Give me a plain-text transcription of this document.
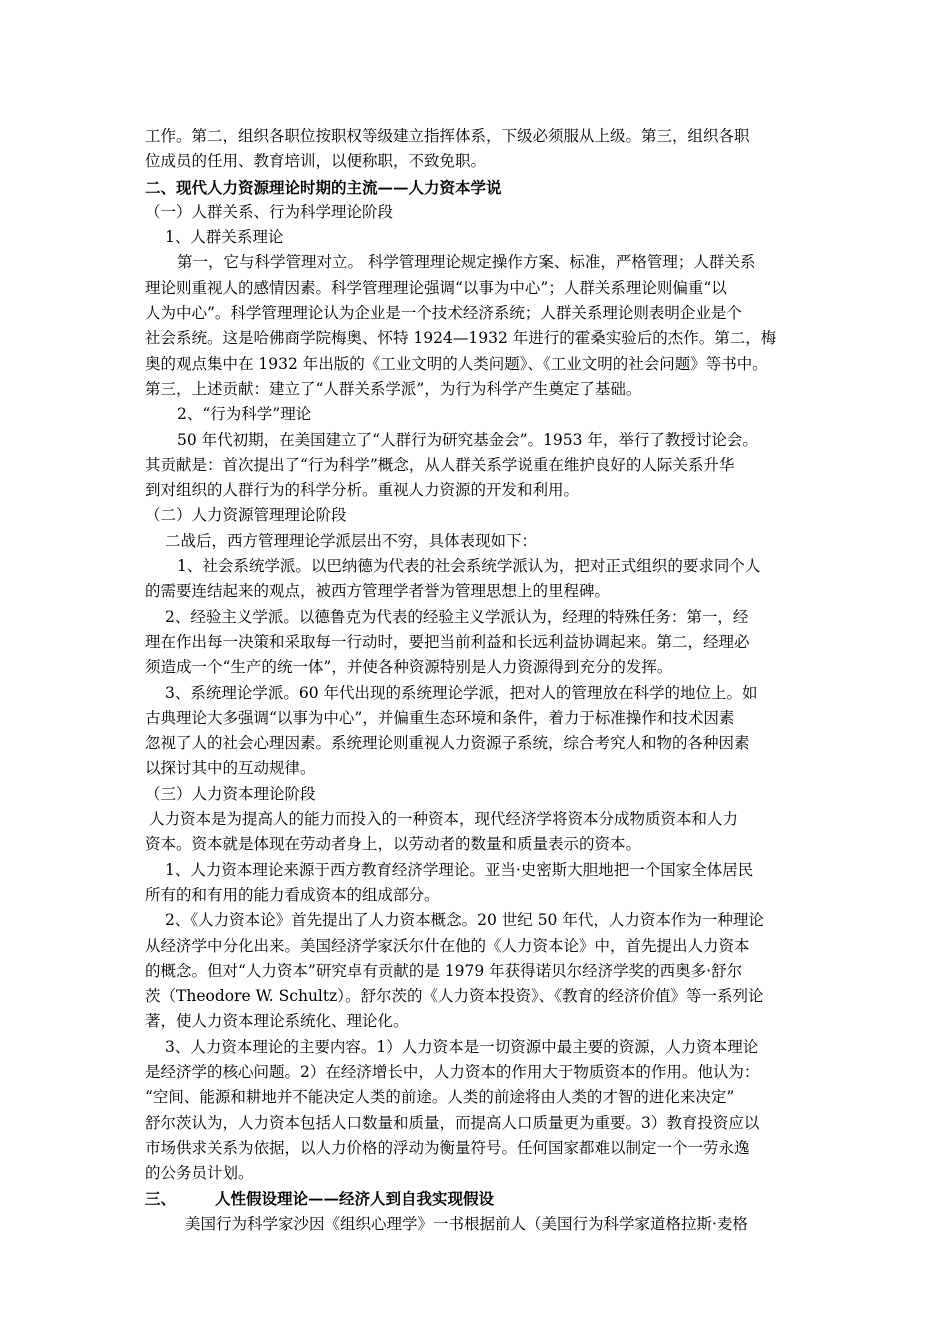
工作。第二，组织各职位按职权等级建立指挥体系，下级必须服从上级。第三，组织各职
位成员的任用、教育培训，以便称职，不致免职。
二、现代人力资源理论时期的主流——人力资本学说
（一）人群关系、行为科学理论阶段
1、人群关系理论
第一，它与科学管理对立。 科学管理理论规定操作方案、标准，严格管理；人群关系
理论则重视人的感情因素。科学管理理论强调“以事为中心”；人群关系理论则偏重“以
人为中心”。科学管理理论认为企业是一个技术经济系统；人群关系理论则表明企业是个
社会系统。这是哈佛商学院梅奥、怀特 1924—1932 年进行的霍桑实验后的杰作。第二，梅
奥的观点集中在 1932 年出版的《工业文明的人类问题》、《工业文明的社会问题》等书中。
第三，上述贡献：建立了“人群关系学派”，为行为科学产生奠定了基础。
2、“行为科学”理论
50 年代初期，在美国建立了“人群行为研究基金会”。1953 年，举行了教授讨论会。
其贡献是：首次提出了“行为科学”概念，从人群关系学说重在维护良好的人际关系升华
到对组织的人群行为的科学分析。重视人力资源的开发和利用。
（二）人力资源管理理论阶段
二战后，西方管理理论学派层出不穷，具体表现如下：
1、社会系统学派。以巴纳德为代表的社会系统学派认为，把对正式组织的要求同个人
的需要连结起来的观点，被西方管理学者誉为管理思想上的里程碑。
2、经验主义学派。以德鲁克为代表的经验主义学派认为，经理的特殊任务：第一，经
理在作出每一决策和采取每一行动时，要把当前利益和长远利益协调起来。第二，经理必
须造成一个“生产的统一体”，并使各种资源特别是人力资源得到充分的发挥。
3、系统理论学派。60 年代出现的系统理论学派，把对人的管理放在科学的地位上。如
古典理论大多强调“以事为中心”，并偏重生态环境和条件，着力于标准操作和技术因素
忽视了人的社会心理因素。系统理论则重视人力资源子系统，综合考究人和物的各种因素
以探讨其中的互动规律。
（三）人力资本理论阶段
人力资本是为提高人的能力而投入的一种资本，现代经济学将资本分成物质资本和人力
资本。资本就是体现在劳动者身上，以劳动者的数量和质量表示的资本。
1、人力资本理论来源于西方教育经济学理论。亚当·史密斯大胆地把一个国家全体居民
所有的和有用的能力看成资本的组成部分。
2、《人力资本论》首先提出了人力资本概念。20 世纪 50 年代，人力资本作为一种理论
从经济学中分化出来。美国经济学家沃尔什在他的《人力资本论》中，首先提出人力资本
的概念。但对“人力资本”研究卓有贡献的是 1979 年获得诺贝尔经济学奖的西奥多·舒尔
茨（Theodore W. Schultz）。舒尔茨的《人力资本投资》、《教育的经济价值》等一系列论
著，使人力资本理论系统化、理论化。
3、人力资本理论的主要内容。1）人力资本是一切资源中最主要的资源，人力资本理论
是经济学的核心问题。2）在经济增长中，人力资本的作用大于物质资本的作用。他认为：
“空间、能源和耕地并不能决定人类的前途。人类的前途将由人类的才智的进化来决定”
舒尔茨认为，人力资本包括人口数量和质量，而提高人口质量更为重要。3）教育投资应以
市场供求关系为依据，以人力价格的浮动为衡量符号。任何国家都难以制定一个一劳永逸
的公务员计划。
三、	人性假设理论——经济人到自我实现假设
美国行为科学家沙因《组织心理学》一书根据前人（美国行为科学家道格拉斯·麦格
